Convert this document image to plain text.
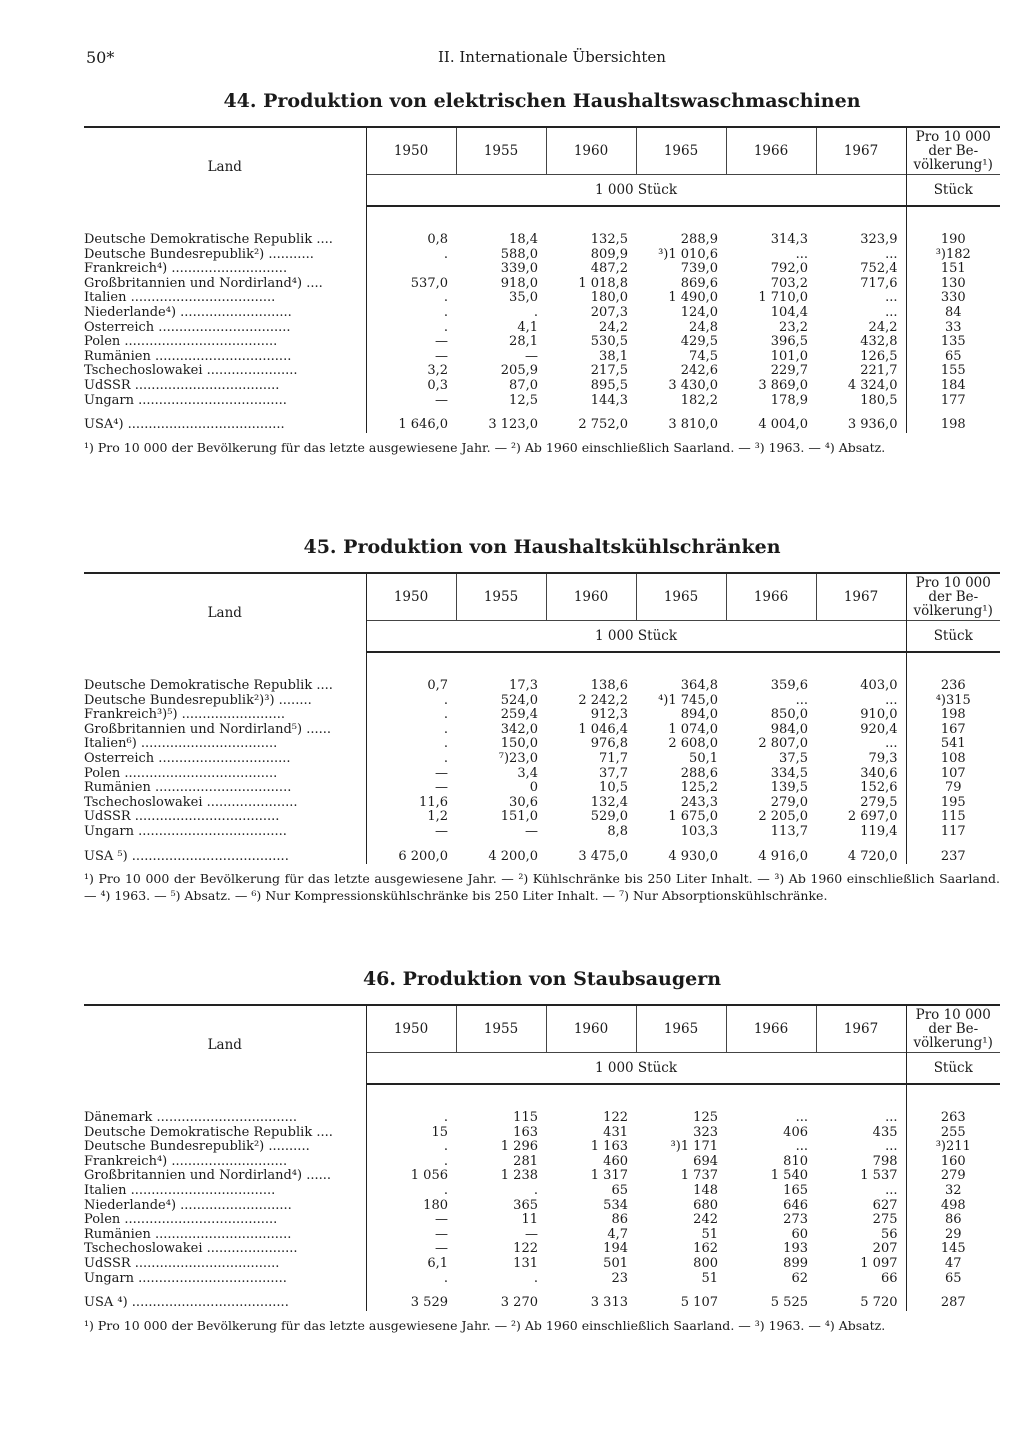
50*	II. Internationale Übersichten
44. Produktion von elektrischen Haushaltswaschmaschinen
Land	1950	1955	1960	1965	1966	1967	Pro 10 000 der Be- völkerung¹)
	1 000 Stück						Stück

Deutsche Demokratische Republik ....	0,8	18,4	132,5	288,9	314,3	323,9	190
Deutsche Bundesrepublik²) ...........	.	588,0	809,9	³)1 010,6	...	...	³)182
Frankreich⁴) ............................		339,0	487,2	739,0	792,0	752,4	151
Großbritannien und Nordirland⁴) ....	537,0	918,0	1 018,8	869,6	703,2	717,6	130
Italien ...................................	.	35,0	180,0	1 490,0	1 710,0	...	330
Niederlande⁴) ...........................	.	.	207,3	124,0	104,4	...	84
Österreich ................................	.	4,1	24,2	24,8	23,2	24,2	33
Polen .....................................	—	28,1	530,5	429,5	396,5	432,8	135
Rumänien .................................	—	—	38,1	74,5	101,0	126,5	65
Tschechoslowakei ......................	3,2	205,9	217,5	242,6	229,7	221,7	155
UdSSR ...................................	0,3	87,0	895,5	3 430,0	3 869,0	4 324,0	184
Ungarn ....................................	—	12,5	144,3	182,2	178,9	180,5	177

USA⁴) ......................................	1 646,0	3 123,0	2 752,0	3 810,0	4 004,0	3 936,0	198
¹) Pro 10 000 der Bevölkerung für das letzte ausgewiesene Jahr. — ²) Ab 1960 einschließlich Saarland. — ³) 1963. — ⁴) Absatz.
45. Produktion von Haushaltskühlschränken
Land	1950	1955	1960	1965	1966	1967	Pro 10 000 der Be- völkerung¹)
	1 000 Stück						Stück

Deutsche Demokratische Republik ....	0,7	17,3	138,6	364,8	359,6	403,0	236
Deutsche Bundesrepublik²)³) ........	.	524,0	2 242,2	⁴)1 745,0	...	...	⁴)315
Frankreich³)⁵) .........................	.	259,4	912,3	894,0	850,0	910,0	198
Großbritannien und Nordirland⁵) ......	.	342,0	1 046,4	1 074,0	984,0	920,4	167
Italien⁶) .................................	.	150,0	976,8	2 608,0	2 807,0	...	541
Österreich ................................	.	⁷)23,0	71,7	50,1	37,5	79,3	108
Polen .....................................	—	3,4	37,7	288,6	334,5	340,6	107
Rumänien .................................	—	0	10,5	125,2	139,5	152,6	79
Tschechoslowakei ......................	11,6	30,6	132,4	243,3	279,0	279,5	195
UdSSR ...................................	1,2	151,0	529,0	1 675,0	2 205,0	2 697,0	115
Ungarn ....................................	—	—	8,8	103,3	113,7	119,4	117

USA ⁵) ......................................	6 200,0	4 200,0	3 475,0	4 930,0	4 916,0	4 720,0	237
¹) Pro 10 000 der Bevölkerung für das letzte ausgewiesene Jahr. — ²) Kühlschränke bis 250 Liter Inhalt. — ³) Ab 1960 einschließlich Saarland. — ⁴) 1963. — ⁵) Absatz. — ⁶) Nur Kompressionskühlschränke bis 250 Liter Inhalt. — ⁷) Nur Absorptionskühlschränke.
46. Produktion von Staubsaugern
Land	1950	1955	1960	1965	1966	1967	Pro 10 000 der Be- völkerung¹)
	1 000 Stück						Stück

Dänemark ..................................	.	115	122	125	...	...	263
Deutsche Demokratische Republik ....	15	163	431	323	406	435	255
Deutsche Bundesrepublik²) ..........	.	1 296	1 163	³)1 171	...	...	³)211
Frankreich⁴) ............................	.	281	460	694	810	798	160
Großbritannien und Nordirland⁴) ......	1 056	1 238	1 317	1 737	1 540	1 537	279
Italien ...................................	.	.	65	148	165	...	32
Niederlande⁴) ...........................	180	365	534	680	646	627	498
Polen .....................................	—	11	86	242	273	275	86
Rumänien .................................	—	—	4,7	51	60	56	29
Tschechoslowakei ......................	—	122	194	162	193	207	145
UdSSR ...................................	6,1	131	501	800	899	1 097	47
Ungarn ....................................	.	.	23	51	62	66	65

USA ⁴) ......................................	3 529	3 270	3 313	5 107	5 525	5 720	287
¹) Pro 10 000 der Bevölkerung für das letzte ausgewiesene Jahr. — ²) Ab 1960 einschließlich Saarland. — ³) 1963. — ⁴) Absatz.
